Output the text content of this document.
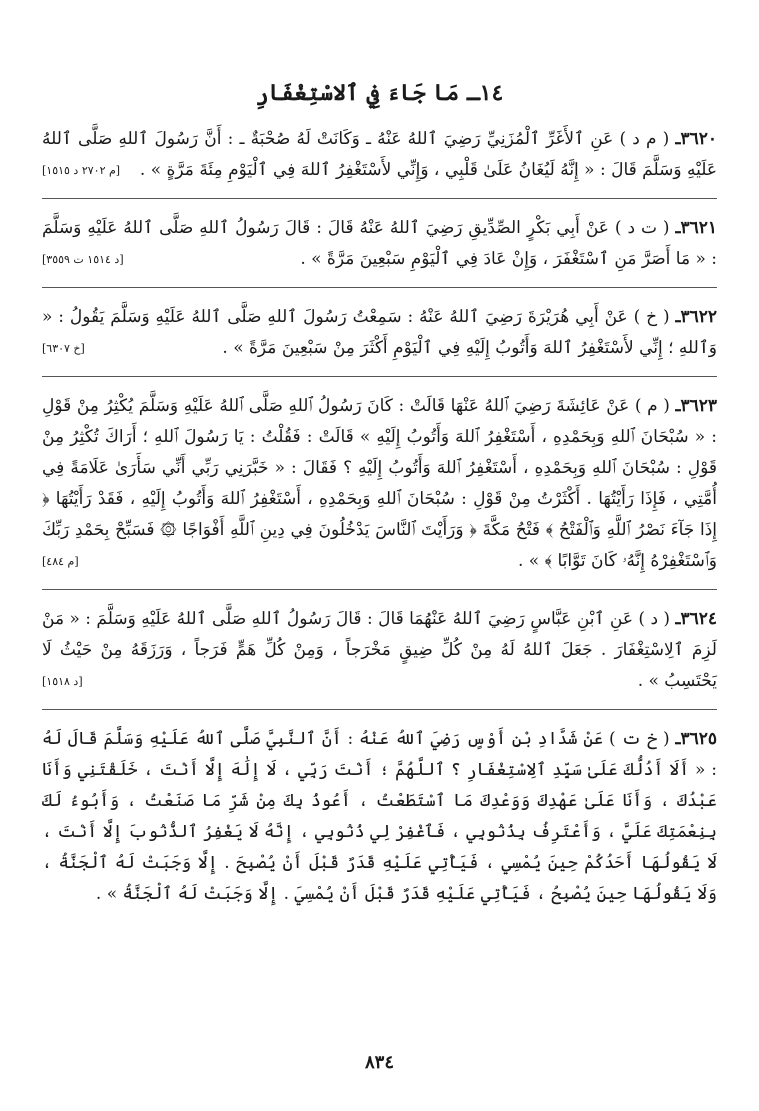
١٤ـ مَا جَاءَ فِي ٱلاسْتِغْفَارِ

٣٦٢٠ـ ( م د ) عَنِ ٱلأَغَرِّ ٱلْمُزَنِيِّ رَضِيَ ٱللهُ عَنْهُ ـ وَكَانَتْ لَهُ صُحْبَةٌ ـ : أَنَّ رَسُولَ ٱللهِ صَلَّى ٱللهُ عَلَيْهِ وَسَلَّمَ قَالَ : « إِنَّهُ لَيُغَانُ عَلَىٰ قَلْبِي ، وَإِنِّي لأَسْتَغْفِرُ ٱللهَ فِي ٱلْيَوْمِ مِئَةَ مَرَّةٍ » .
[م ٢٧٠٢ د ١٥١٥]

٣٦٢١ـ ( ت د ) عَنْ أَبِي بَكْرٍ الصِّدِّيقِ رَضِيَ ٱللهُ عَنْهُ قَالَ : قَالَ رَسُولُ ٱللهِ صَلَّى ٱللهُ عَلَيْهِ وَسَلَّمَ : « مَا أَصَرَّ مَنِ ٱسْتَغْفَرَ ، وَإِنْ عَادَ فِي ٱلْيَوْمِ سَبْعِينَ مَرَّةً » .
[د ١٥١٤ ت ٣٥٥٩]

٣٦٢٢ـ ( خ ) عَنْ أَبِي هُرَيْرَةَ رَضِيَ ٱللهُ عَنْهُ : سَمِعْتُ رَسُولَ ٱللهِ صَلَّى ٱللهُ عَلَيْهِ وَسَلَّمَ يَقُولُ : « وَٱللهِ ؛ إِنِّي لأَسْتَغْفِرُ ٱللهَ وَأَتُوبُ إِلَيْهِ فِي ٱلْيَوْمِ أَكْثَرَ مِنْ سَبْعِينَ مَرَّةً » .
[خ ٦٣٠٧]

٣٦٢٣ـ ( م ) عَنْ عَائِشَةَ رَضِيَ ٱللهُ عَنْهَا قَالَتْ : كَانَ رَسُولُ ٱللهِ صَلَّى ٱللهُ عَلَيْهِ وَسَلَّمَ يُكْثِرُ مِنْ قَوْلِ : « سُبْحَانَ ٱللهِ وَبِحَمْدِهِ ، أَسْتَغْفِرُ ٱللهَ وَأَتُوبُ إِلَيْهِ » قَالَتْ : فَقُلْتُ : يَا رَسُولَ ٱللهِ ؛ أَرَاكَ تُكْثِرُ مِنْ قَوْلِ : سُبْحَانَ ٱللهِ وَبِحَمْدِهِ ، أَسْتَغْفِرُ ٱللهَ وَأَتُوبُ إِلَيْهِ ؟ فَقَالَ : « خَبَّرَنِي رَبِّي أَنِّي سَأَرَىٰ عَلَامَةً فِي أُمَّتِي ، فَإِذَا رَأَيْتُهَا . أَكْثَرْتُ مِنْ قَوْلِ : سُبْحَانَ ٱللهِ وَبِحَمْدِهِ ، أَسْتَغْفِرُ ٱللهَ وَأَتُوبُ إِلَيْهِ ، فَقَدْ رَأَيْتُهَا ﴿ إِذَا جَآءَ نَصْرُ ٱللَّهِ وَٱلْفَتْحُ ﴾ فَتْحُ مَكَّةَ ﴿ وَرَأَيْتَ ٱلنَّاسَ يَدْخُلُونَ فِي دِينِ ٱللَّهِ أَفْوَاجًا ۞ فَسَبِّحْ بِحَمْدِ رَبِّكَ وَٱسْتَغْفِرْهُ إِنَّهُۥ كَانَ تَوَّابًا ﴾ » .
[م ٤٨٤]

٣٦٢٤ـ ( د ) عَنِ ٱبْنِ عَبَّاسٍ رَضِيَ ٱللهُ عَنْهُمَا قَالَ : قَالَ رَسُولُ ٱللهِ صَلَّى ٱللهُ عَلَيْهِ وَسَلَّمَ : « مَنْ لَزِمَ ٱلِاسْتِغْفَارَ . جَعَلَ ٱللهُ لَهُ مِنْ كُلِّ ضِيقٍ مَخْرَجاً ، وَمِنْ كُلِّ هَمٍّ فَرَجاً ، وَرَزَقَهُ مِنْ حَيْثُ لَا يَحْتَسِبُ » .
[د ١٥١٨]

٣٦٢٥ـ ( خ ت ) عَنْ شَدَّادِ بْنِ أَوْسٍ رَضِيَ ٱللهُ عَنْهُ : أَنَّ ٱلنَّبِيَّ صَلَّى ٱللهُ عَلَيْهِ وَسَلَّمَ قَالَ لَهُ : « أَلَا أَدُلُّكَ عَلَىٰ سَيِّدِ ٱلِاسْتِغْفَارِ ؟ ٱللَّهُمَّ ؛ أَنْتَ رَبِّي ، لَا إِلَٰهَ إِلَّا أَنْتَ ، خَلَقْتَنِي وَأَنَا عَبْدُكَ ، وَأَنَا عَلَىٰ عَهْدِكَ وَوَعْدِكَ مَا ٱسْتَطَعْتُ ، أَعُوذُ بِكَ مِنْ شَرِّ مَا صَنَعْتُ ، وَأَبُوءُ لَكَ بِنِعْمَتِكَ عَلَيَّ ، وَأَعْتَرِفُ بِذُنُوبِي ، فَٱغْفِرْ لِي ذُنُوبِي ، إِنَّهُ لَا يَغْفِرُ ٱلذُّنُوبَ إِلَّا أَنْتَ ، لَا يَقُولُهَا أَحَدُكُمْ حِينَ يُمْسِي ، فَيَأْتِي عَلَيْهِ قَدَرٌ قَبْلَ أَنْ يُصْبِحَ . إِلَّا وَجَبَتْ لَهُ ٱلْجَنَّةُ ، وَلَا يَقُولُهَا حِينَ يُصْبِحُ ، فَيَأْتِي عَلَيْهِ قَدَرٌ قَبْلَ أَنْ يُمْسِيَ . إِلَّا وَجَبَتْ لَهُ ٱلْجَنَّةُ » .

٨٣٤
